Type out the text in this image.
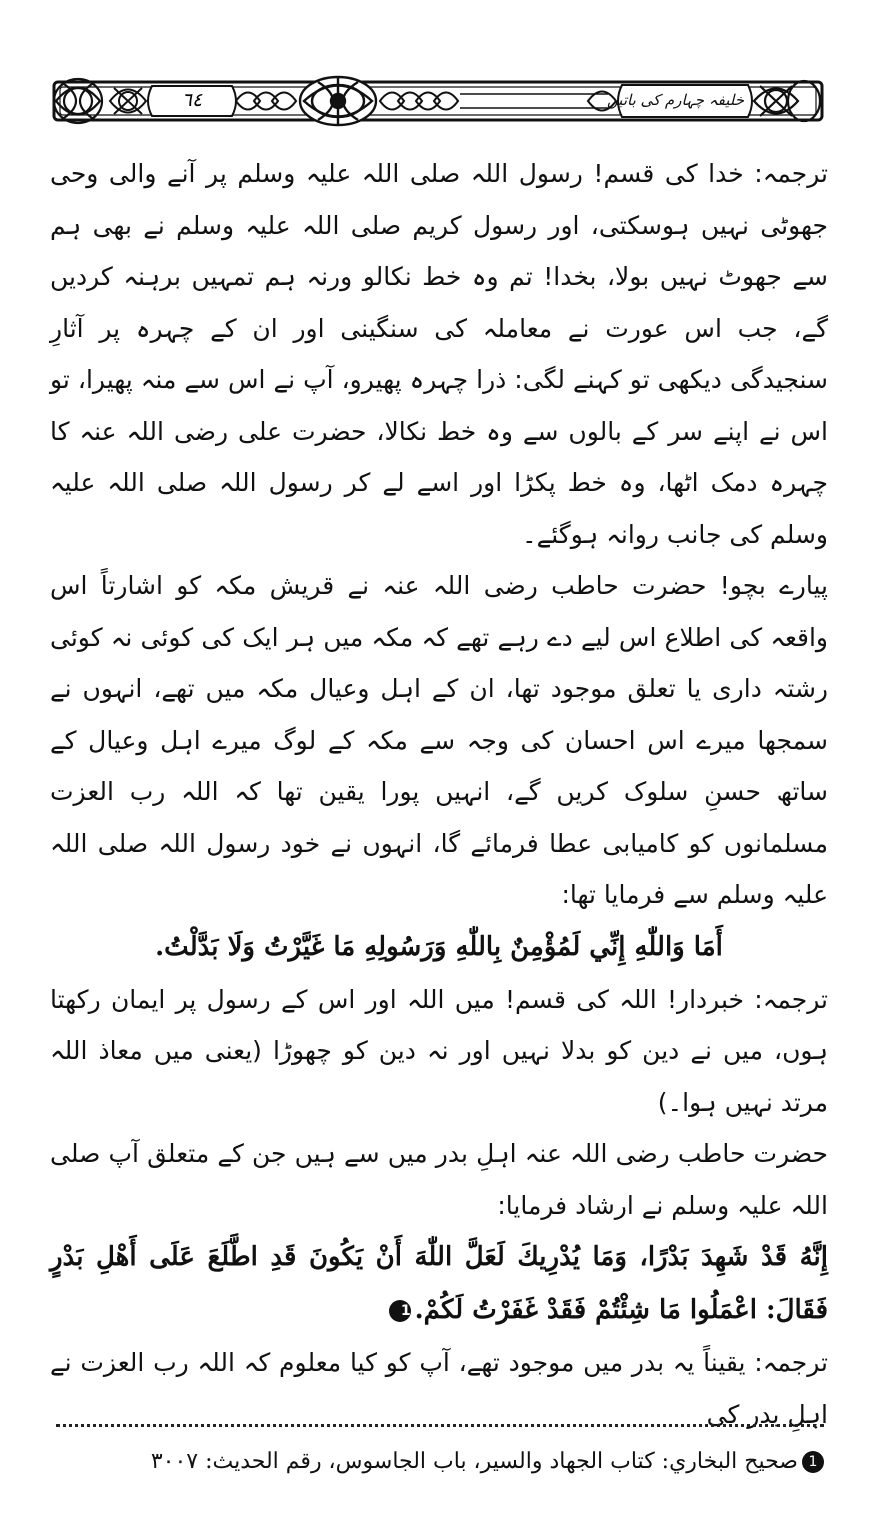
٦٤	خلیفہ چہارم کی باتیں

ترجمہ: خدا کی قسم! رسول اللہ صلی اللہ علیہ وسلم پر آنے والی وحی جھوٹی نہیں ہوسکتی، اور رسول کریم صلی اللہ علیہ وسلم نے بھی ہم سے جھوٹ نہیں بولا، بخدا! تم وہ خط نکالو ورنہ ہم تمہیں برہنہ کردیں گے، جب اس عورت نے معاملہ کی سنگینی اور ان کے چہرہ پر آثارِ سنجیدگی دیکھی تو کہنے لگی: ذرا چہرہ پھیرو، آپ نے اس سے منہ پھیرا، تو اس نے اپنے سر کے بالوں سے وہ خط نکالا، حضرت علی رضی اللہ عنہ کا چہرہ دمک اٹھا، وہ خط پکڑا اور اسے لے کر رسول اللہ صلی اللہ علیہ وسلم کی جانب روانہ ہوگئے۔

پیارے بچو! حضرت حاطب رضی اللہ عنہ نے قریش مکہ کو اشارتاً اس واقعہ کی اطلاع اس لیے دے رہے تھے کہ مکہ میں ہر ایک کی کوئی نہ کوئی رشتہ داری یا تعلق موجود تھا، ان کے اہل وعیال مکہ میں تھے، انہوں نے سمجھا میرے اس احسان کی وجہ سے مکہ کے لوگ میرے اہل وعیال کے ساتھ حسنِ سلوک کریں گے، انہیں پورا یقین تھا کہ اللہ رب العزت مسلمانوں کو کامیابی عطا فرمائے گا، انہوں نے خود رسول اللہ صلی اللہ علیہ وسلم سے فرمایا تھا:

أَمَا وَاللّٰهِ إِنِّي لَمُؤْمِنٌ بِاللّٰهِ وَرَسُولِهِ مَا غَيَّرْتُ وَلَا بَدَّلْتُ.

ترجمہ: خبردار! اللہ کی قسم! میں اللہ اور اس کے رسول پر ایمان رکھتا ہوں، میں نے دین کو بدلا نہیں اور نہ دین کو چھوڑا (یعنی میں معاذ اللہ مرتد نہیں ہوا۔)

حضرت حاطب رضی اللہ عنہ اہلِ بدر میں سے ہیں جن کے متعلق آپ صلی اللہ علیہ وسلم نے ارشاد فرمایا:

إِنَّهُ قَدْ شَهِدَ بَدْرًا، وَمَا يُدْرِيكَ لَعَلَّ اللّٰهَ أَنْ يَكُونَ قَدِ اطَّلَعَ عَلَى أَهْلِ بَدْرٍ فَقَالَ: اعْمَلُوا مَا شِئْتُمْ فَقَدْ غَفَرْتُ لَكُمْ.1

ترجمہ: یقیناً یہ بدر میں موجود تھے، آپ کو کیا معلوم کہ اللہ رب العزت نے اہلِ بدر کی

1صحيح البخاري: كتاب الجهاد والسير، باب الجاسوس، رقم الحديث: ٣٠٠٧
